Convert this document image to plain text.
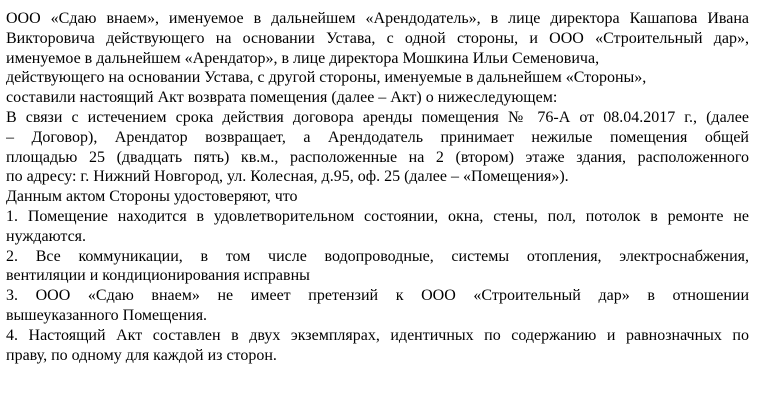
ООО «Сдаю внаем», именуемое в дальнейшем «Арендодатель», в лице директора Кашапова Ивана
Викторовича действующего на основании Устава, с одной стороны, и ООО «Строительный дар»,
именуемое в дальнейшем «Арендатор», в лице директора Мошкина Ильи Семеновича,
действующего на основании Устава, с другой стороны, именуемые в дальнейшем «Стороны»,
составили настоящий Акт возврата помещения (далее – Акт) о нижеследующем:
В связи с истечением срока действия договора аренды помещения № 76-А от 08.04.2017 г., (далее
– Договор), Арендатор возвращает, а Арендодатель принимает нежилые помещения общей
площадью 25 (двадцать пять) кв.м., расположенные на 2 (втором) этаже здания, расположенного
по адресу: г. Нижний Новгород, ул. Колесная, д.95, оф. 25 (далее – «Помещения»).
Данным актом Стороны удостоверяют, что
1. Помещение находится в удовлетворительном состоянии, окна, стены, пол, потолок в ремонте не
нуждаются.
2. Все коммуникации, в том числе водопроводные, системы отопления, электроснабжения,
вентиляции и кондиционирования исправны
3. ООО «Сдаю внаем» не имеет претензий к ООО «Строительный дар» в отношении
вышеуказанного Помещения.
4. Настоящий Акт составлен в двух экземплярах, идентичных по содержанию и равнозначных по
праву, по одному для каждой из сторон.
